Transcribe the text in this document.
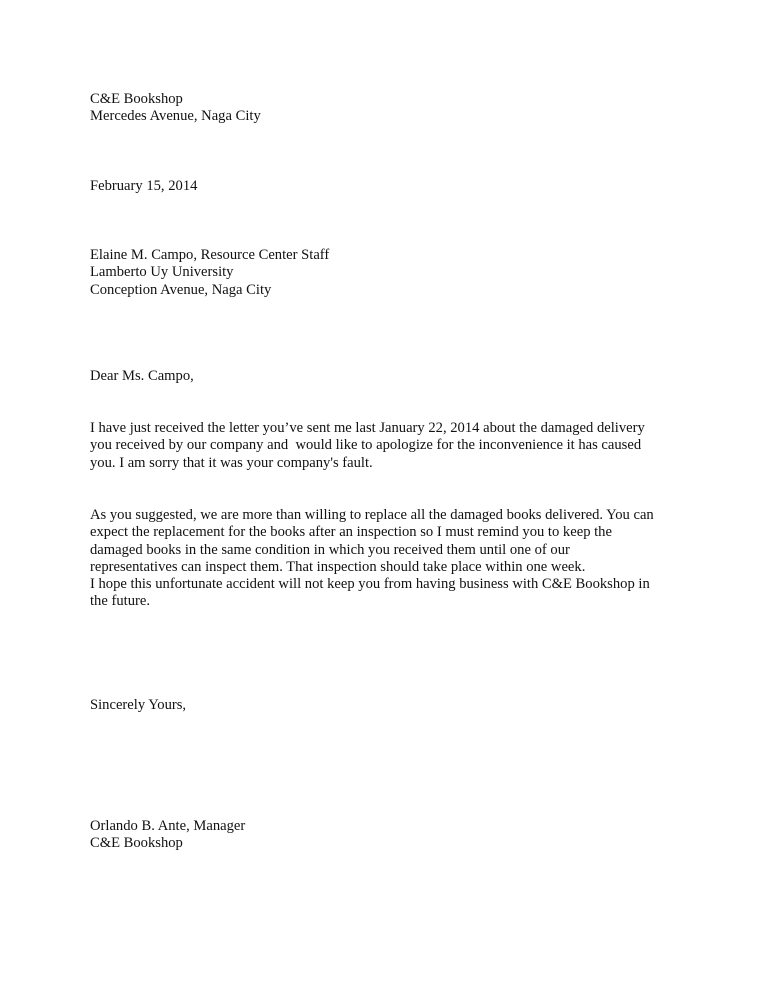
C&E Bookshop
Mercedes Avenue, Naga City
February 15, 2014
Elaine M. Campo, Resource Center Staff
Lamberto Uy University
Conception Avenue, Naga City
Dear Ms. Campo,
I have just received the letter you’ve sent me last January 22, 2014 about the damaged delivery
you received by our company and  would like to apologize for the inconvenience it has caused
you. I am sorry that it was your company's fault.
As you suggested, we are more than willing to replace all the damaged books delivered. You can
expect the replacement for the books after an inspection so I must remind you to keep the
damaged books in the same condition in which you received them until one of our
representatives can inspect them. That inspection should take place within one week.
I hope this unfortunate accident will not keep you from having business with C&E Bookshop in
the future.
Sincerely Yours,
Orlando B. Ante, Manager
C&E Bookshop
